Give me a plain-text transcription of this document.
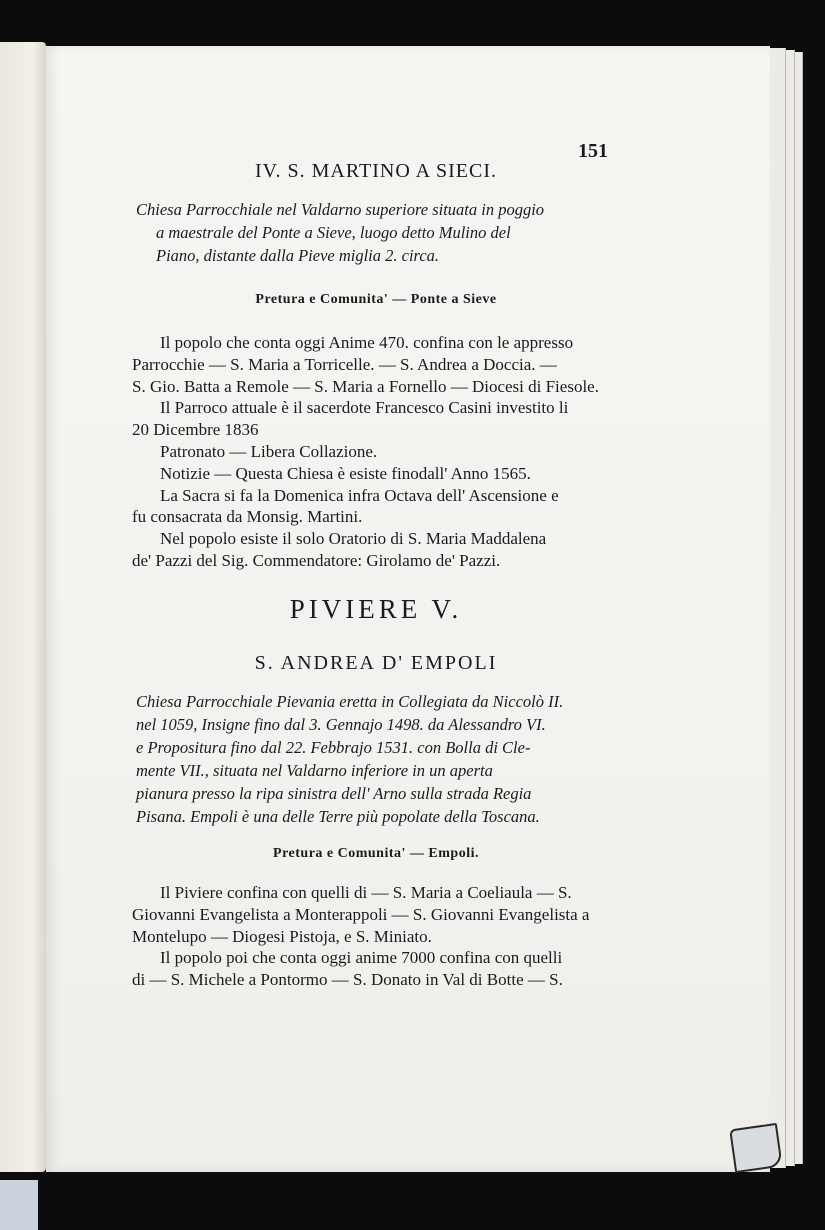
151
IV. S. MARTINO A SIECI.
Chiesa Parrocchiale nel Valdarno superiore situata in poggio
a maestrale del Ponte a Sieve, luogo detto Mulino del
Piano, distante dalla Pieve miglia 2. circa.
Pretura e Comunita' — Ponte a Sieve
Il popolo che conta oggi Anime 470. confina con le appresso
Parrocchie — S. Maria a Torricelle. — S. Andrea a Doccia. —
S. Gio. Batta a Remole — S. Maria a Fornello — Diocesi di Fiesole.
Il Parroco attuale è il sacerdote Francesco Casini investito li
20 Dicembre 1836
Patronato — Libera Collazione.
Notizie — Questa Chiesa è esiste finodall' Anno 1565.
La Sacra si fa la Domenica infra Octava dell' Ascensione e
fu consacrata da Monsig. Martini.
Nel popolo esiste il solo Oratorio di S. Maria Maddalena
de' Pazzi del Sig. Commendatore: Girolamo de' Pazzi.
PIVIERE V.
S. ANDREA D' EMPOLI
Chiesa Parrocchiale Pievania eretta in Collegiata da Niccolò II.
nel 1059, Insigne fino dal 3. Gennajo 1498. da Alessandro VI.
e Propositura fino dal 22. Febbrajo 1531. con Bolla di Cle-
mente VII., situata nel Valdarno inferiore in un aperta
pianura presso la ripa sinistra dell' Arno sulla strada Regia
Pisana. Empoli è una delle Terre più popolate della Toscana.
Pretura e Comunita' — Empoli.
Il Piviere confina con quelli di — S. Maria a Coeliaula — S.
Giovanni Evangelista a Monterappoli — S. Giovanni Evangelista a
Montelupo — Diogesi Pistoja, e S. Miniato.
Il popolo poi che conta oggi anime 7000 confina con quelli
di — S. Michele a Pontormo — S. Donato in Val di Botte — S.
